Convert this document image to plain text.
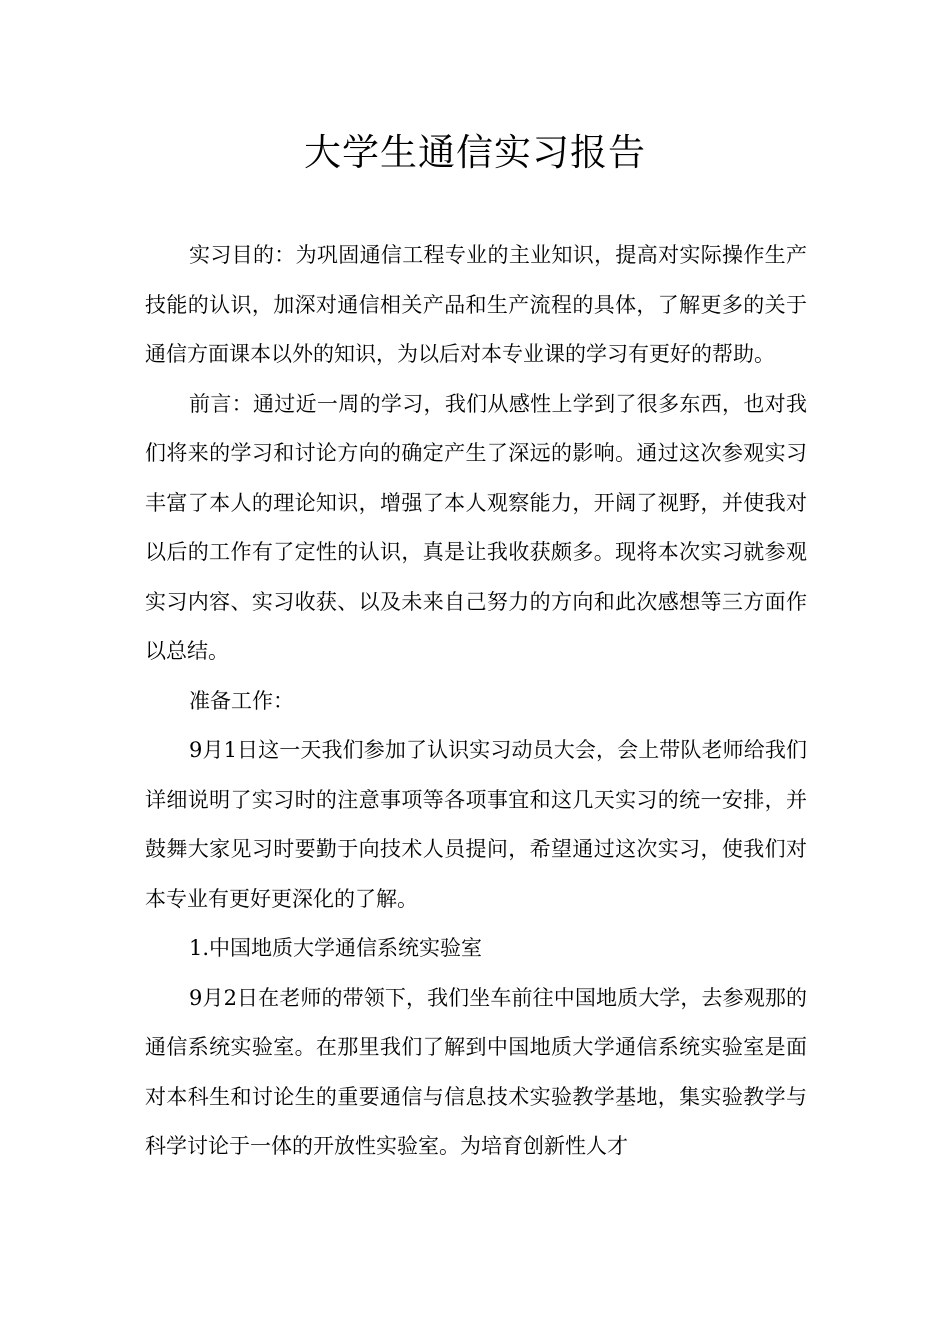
大学生通信实习报告

实习目的：为巩固通信工程专业的主业知识，提高对实际操作生产技能的认识，加深对通信相关产品和生产流程的具体，了解更多的关于通信方面课本以外的知识，为以后对本专业课的学习有更好的帮助。

前言：通过近一周的学习，我们从感性上学到了很多东西，也对我们将来的学习和讨论方向的确定产生了深远的影响。通过这次参观实习丰富了本人的理论知识，增强了本人观察能力，开阔了视野，并使我对以后的工作有了定性的认识，真是让我收获颇多。现将本次实习就参观实习内容、实习收获、以及未来自己努力的方向和此次感想等三方面作以总结。

准备工作：

9月1日这一天我们参加了认识实习动员大会，会上带队老师给我们详细说明了实习时的注意事项等各项事宜和这几天实习的统一安排，并鼓舞大家见习时要勤于向技术人员提问，希望通过这次实习，使我们对本专业有更好更深化的了解。

1.中国地质大学通信系统实验室

9月2日在老师的带领下，我们坐车前往中国地质大学，去参观那的通信系统实验室。在那里我们了解到中国地质大学通信系统实验室是面对本科生和讨论生的重要通信与信息技术实验教学基地，集实验教学与科学讨论于一体的开放性实验室。为培育创新性人才
